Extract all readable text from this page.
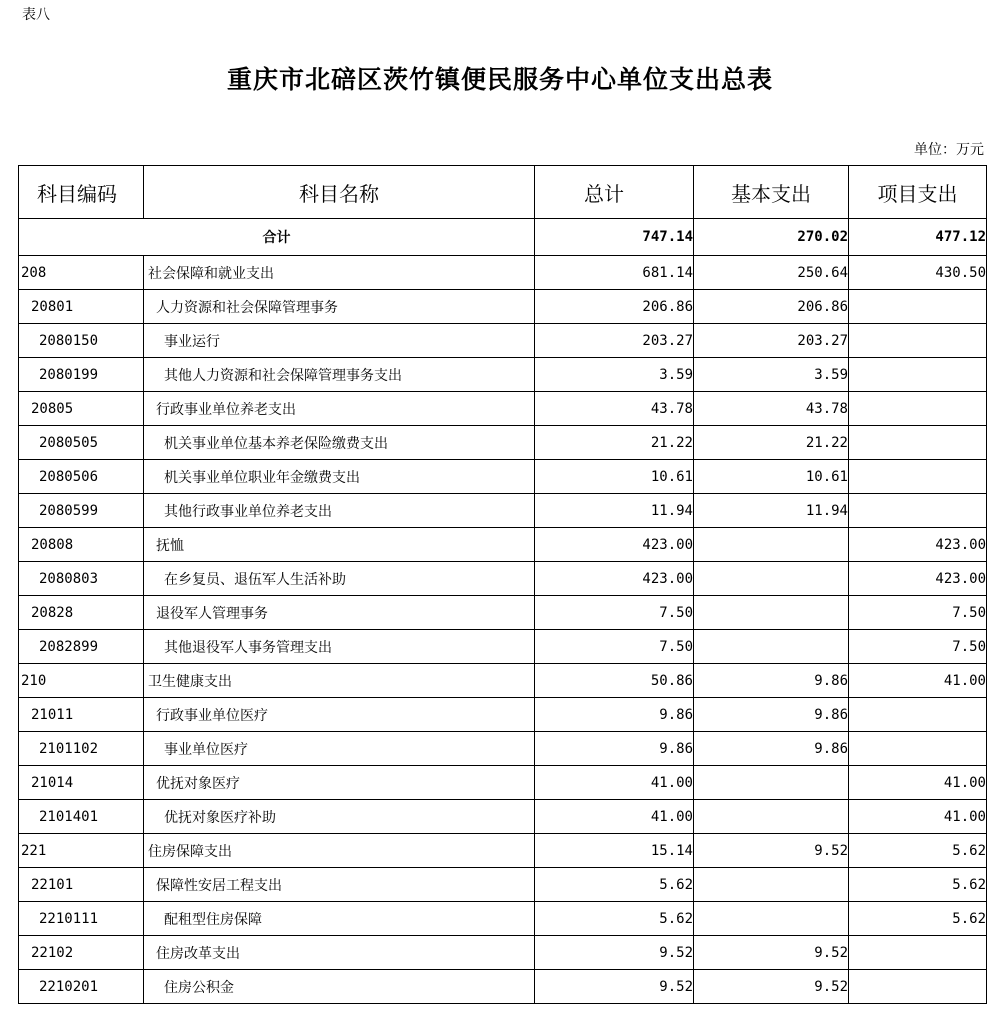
表八
重庆市北碚区茨竹镇便民服务中心单位支出总表
单位：万元
科目编码	科目名称	总计	基本支出	项目支出
合计		747.14	270.02	477.12
208	社会保障和就业支出	681.14	250.64	430.50
20801	人力资源和社会保障管理事务	206.86	206.86	
2080150	事业运行	203.27	203.27	
2080199	其他人力资源和社会保障管理事务支出	3.59	3.59	
20805	行政事业单位养老支出	43.78	43.78	
2080505	机关事业单位基本养老保险缴费支出	21.22	21.22	
2080506	机关事业单位职业年金缴费支出	10.61	10.61	
2080599	其他行政事业单位养老支出	11.94	11.94	
20808	抚恤	423.00		423.00
2080803	在乡复员、退伍军人生活补助	423.00		423.00
20828	退役军人管理事务	7.50		7.50
2082899	其他退役军人事务管理支出	7.50		7.50
210	卫生健康支出	50.86	9.86	41.00
21011	行政事业单位医疗	9.86	9.86	
2101102	事业单位医疗	9.86	9.86	
21014	优抚对象医疗	41.00		41.00
2101401	优抚对象医疗补助	41.00		41.00
221	住房保障支出	15.14	9.52	5.62
22101	保障性安居工程支出	5.62		5.62
2210111	配租型住房保障	5.62		5.62
22102	住房改革支出	9.52	9.52	
2210201	住房公积金	9.52	9.52	
